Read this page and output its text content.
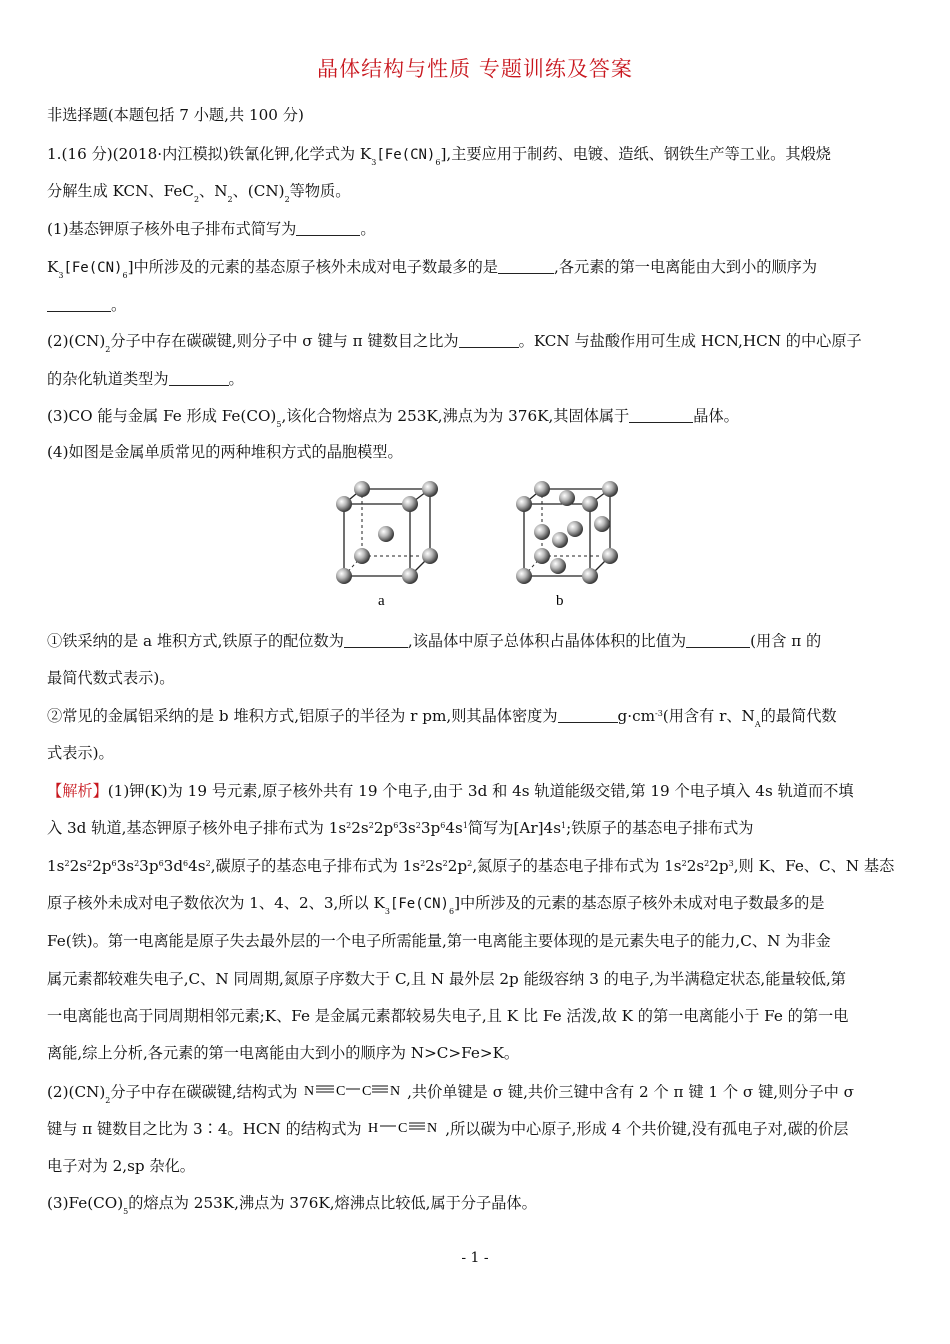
晶体结构与性质 专题训练及答案
非选择题(本题包括 7 小题,共 100 分)
1.(16 分)(2018·内江模拟)铁氰化钾,化学式为 $K_3[Fe(CN)_6]$,主要应用于制药、电镀、造纸、钢铁生产等工业。其煅烧
分解生成 KCN、FeC$_2$、$N_2$、$(CN)_2$等物质。
(1)基态钾原子核外电子排布式简写为	。
$K_3[Fe(CN)_6]$中所涉及的元素的基态原子核外未成对电子数最多的是	,各元素的第一电离能由大到小的顺序为
。
$(2)(CN)_2$分子中存在碳碳键,则分子中 σ 键与 π 键数目之比为	。KCN 与盐酸作用可生成 HCN,HCN 的中心原子
的杂化轨道类型为	。
(3)CO 能与金属 Fe 形成 $Fe(CO)_5$,该化合物熔点为 253K,沸点为为 376K,其固体属于	晶体。
(4)如图是金属单质常见的两种堆积方式的晶胞模型。
a	b
①铁采纳的是 a 堆积方式,铁原子的配位数为	,该晶体中原子总体积占晶体体积的比值为	(用含 π 的
最简代数式表示)。
②常见的金属铝采纳的是 b 堆积方式,铝原子的半径为 r pm,则其晶体密度为	$g\cdot cm^{-3}$(用含有 r、$N_A$的最简代数
式表示)。
【解析】(1)钾(K)为 19 号元素,原子核外共有 19 个电子,由于 3d 和 4s 轨道能级交错,第 19 个电子填入 4s 轨道而不填
入 3d 轨道,基态钾原子核外电子排布式为 $1s^22s^22p^63s^23p^64s^1$简写为$[Ar]4s^1$;铁原子的基态电子排布式为
$1s^22s^22p^63s^23p^63d^64s^2$,碳原子的基态电子排布式为 $1s^22s^22p^2$,氮原子的基态电子排布式为 $1s^22s^22p^3$,则 K、Fe、C、N 基态
原子核外未成对电子数依次为 1、4、2、3,所以 $K_3[Fe(CN)_6]$中所涉及的元素的基态原子核外未成对电子数最多的是
Fe(铁)。第一电离能是原子失去最外层的一个电子所需能量,第一电离能主要体现的是元素失电子的能力,C、N 为非金
属元素都较难失电子,C、N 同周期,氮原子序数大于 C,且 N 最外层 2p 能级容纳 3 的电子,为半满稳定状态,能量较低,第
一电离能也高于同周期相邻元素;K、Fe 是金属元素都较易失电子,且 K 比 Fe 活泼,故 K 的第一电离能小于 Fe 的第一电
离能,综上分析,各元素的第一电离能由大到小的顺序为 N>C>Fe>K。
$(2)(CN)_2$分子中存在碳碳键,结构式为 N C C N ,共价单键是 σ 键,共价三键中含有 2 个 π 键 1 个 σ 键,则分子中 σ
键与 π 键数目之比为 3∶4。HCN 的结构式为 H C N ,所以碳为中心原子,形成 4 个共价键,没有孤电子对,碳的价层
电子对为 2,sp 杂化。
$(3)Fe(CO)_5$的熔点为 253K,沸点为 376K,熔沸点比较低,属于分子晶体。
- 1 -
